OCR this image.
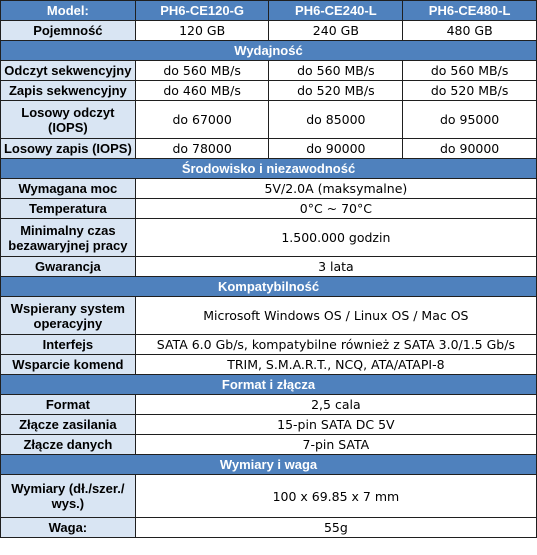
Model:	PH6-CE120-G	PH6-CE240-L	PH6-CE480-L
Pojemność	120 GB	240 GB	480 GB
Wydajność			
Odczyt sekwencyjny	do 560 MB/s	do 560 MB/s	do 560 MB/s
Zapis sekwencyjny	do 460 MB/s	do 520 MB/s	do 520 MB/s
Losowy odczyt (IOPS)	do 67000	do 85000	do 95000
Losowy zapis (IOPS)	do 78000	do 90000	do 90000
Środowisko i niezawodność			
Wymagana moc	5V/2.0A (maksymalne)		
Temperatura	0°C ~ 70°C		
Minimalny czas bezawaryjnej pracy	1.500.000 godzin		
Gwarancja	3 lata		
Kompatybilność			
Wspierany system operacyjny	Microsoft Windows OS / Linux OS / Mac OS		
Interfejs	SATA 6.0 Gb/s, kompatybilne również z SATA 3.0/1.5 Gb/s		
Wsparcie komend	TRIM, S.M.A.R.T., NCQ, ATA/ATAPI-8		
Format i złącza			
Format	2,5 cala		
Złącze zasilania	15-pin SATA DC 5V		
Złącze danych	7-pin SATA		
Wymiary i waga			
Wymiary (dł./szer./ wys.)	100 x 69.85 x 7 mm		
Waga:	55g		
